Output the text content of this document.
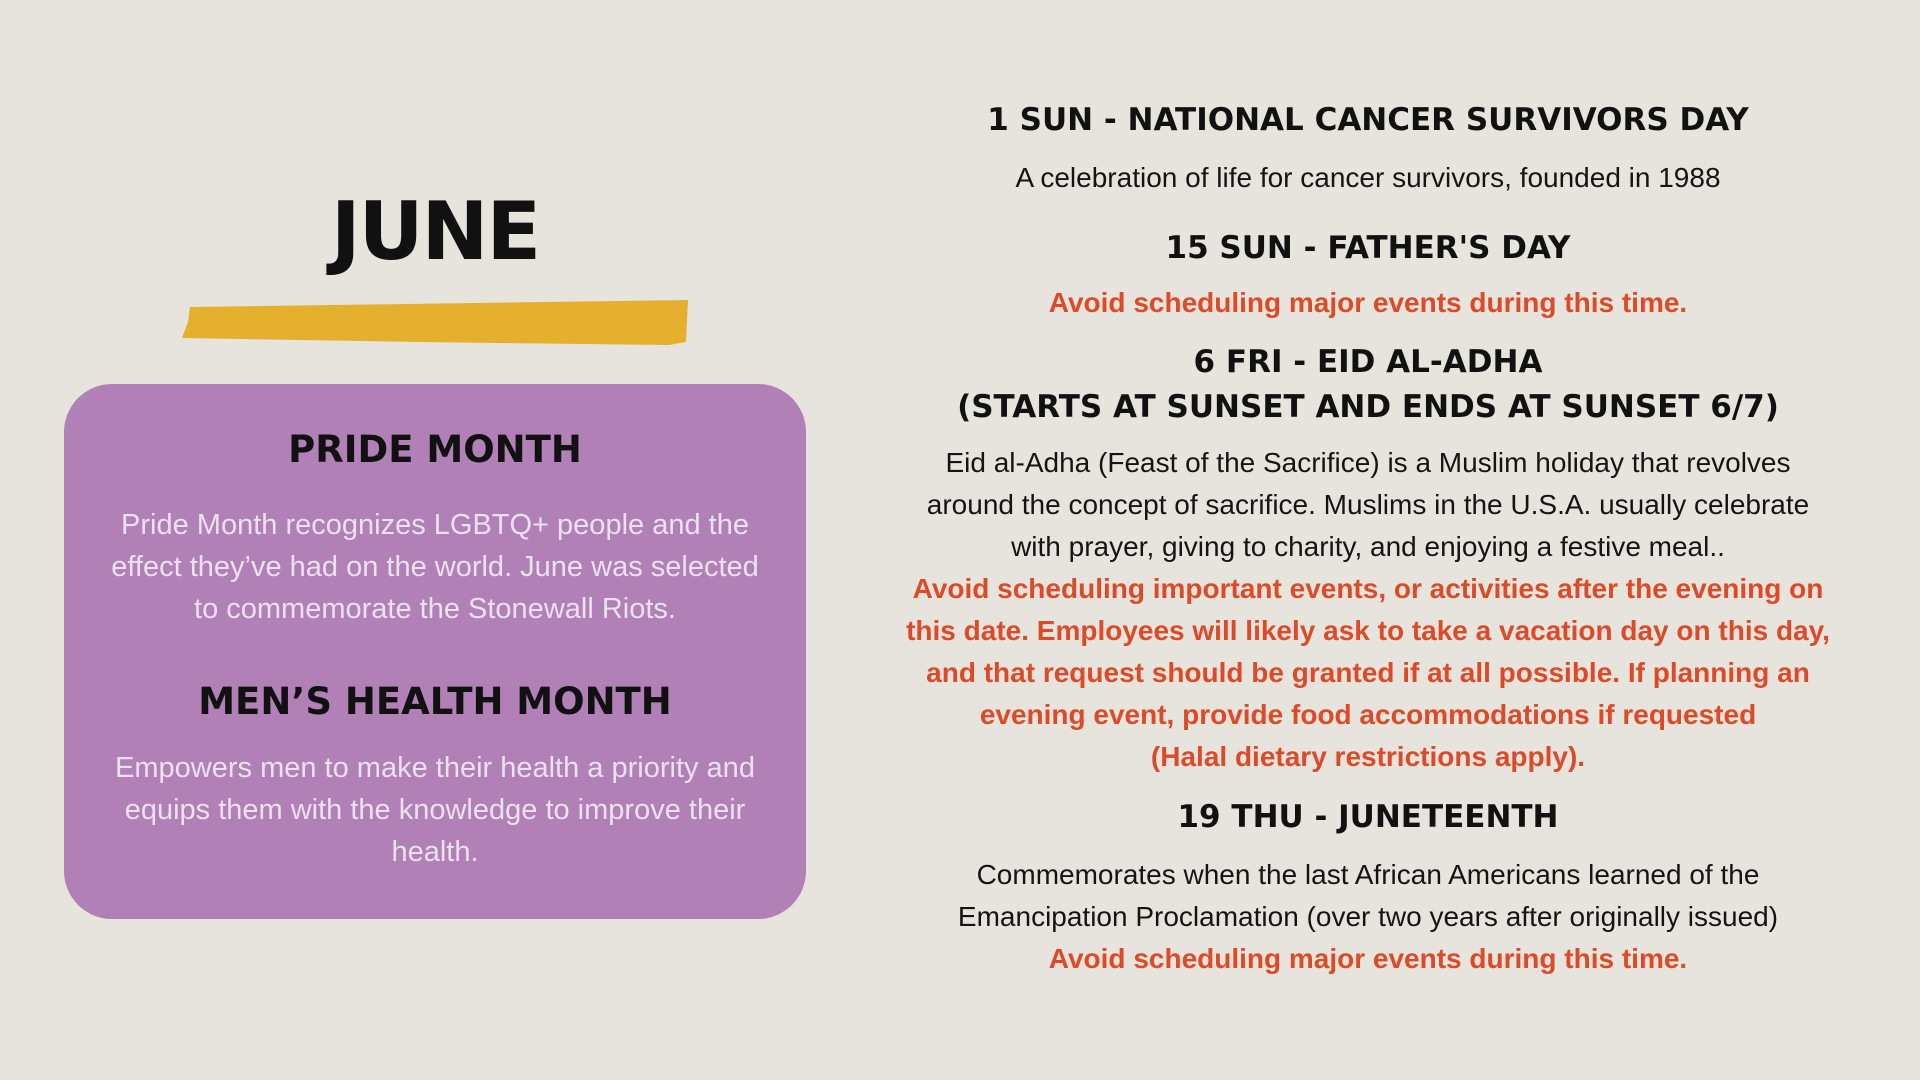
JUNE
PRIDE MONTH

Pride Month recognizes LGBTQ+ people and the
effect they’ve had on the world. June was selected
to commemorate the Stonewall Riots.

MEN’S HEALTH MONTH

Empowers men to make their health a priority and
equips them with the knowledge to improve their
health.

1 SUN - NATIONAL CANCER SURVIVORS DAY

A celebration of life for cancer survivors, founded in 1988

15 SUN - FATHER'S DAY

Avoid scheduling major events during this time.

6 FRI - EID AL-ADHA
(STARTS AT SUNSET AND ENDS AT SUNSET 6/7)

Eid al-Adha (Feast of the Sacrifice) is a Muslim holiday that revolves
around the concept of sacrifice. Muslims in the U.S.A. usually celebrate
with prayer, giving to charity, and enjoying a festive meal..

Avoid scheduling important events, or activities after the evening on
this date. Employees will likely ask to take a vacation day on this day,
and that request should be granted if at all possible. If planning an
evening event, provide food accommodations if requested
(Halal dietary restrictions apply).

19 THU - JUNETEENTH

Commemorates when the last African Americans learned of the
Emancipation Proclamation (over two years after originally issued)

Avoid scheduling major events during this time.
